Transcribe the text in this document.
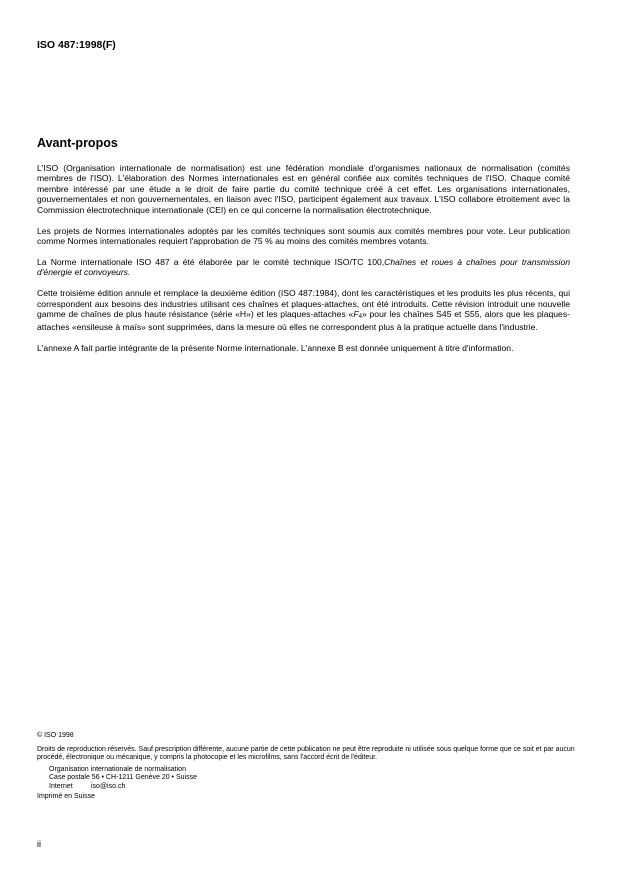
ISO 487:1998(F)
Avant-propos

L'ISO (Organisation internationale de normalisation) est une fédération mondiale d'organismes nationaux de normalisation (comités membres de l'ISO). L'élaboration des Normes internationales est en général confiée aux comités techniques de l'ISO. Chaque comité membre intéressé par une étude a le droit de faire partie du comité technique créé à cet effet. Les organisations internationales, gouvernementales et non gouvernementales, en liaison avec l'ISO, participent également aux travaux. L'ISO collabore étroitement avec la Commission électrotechnique internationale (CEI) en ce qui concerne la normalisation électrotechnique.

Les projets de Normes internationales adoptés par les comités techniques sont soumis aux comités membres pour vote. Leur publication comme Normes internationales requiert l'approbation de 75 % au moins des comités membres votants.

La Norme internationale ISO 487 a été élaborée par le comité technique ISO/TC 100,Chaînes et roues à chaînes pour transmission d'énergie et convoyeurs.

Cette troisième édition annule et remplace la deuxième édition (ISO 487:1984), dont les caractéristiques et les produits les plus récents, qui correspondent aux besoins des industries utilisant ces chaînes et plaques-attaches, ont été introduits. Cette révision introduit une nouvelle gamme de chaînes de plus haute résistance (série «H») et les plaques-attaches «$F_4$» pour les chaînes S45 et S55, alors que les plaques-attaches «ensileuse à maïs» sont supprimées, dans la mesure où elles ne correspondent plus à la pratique actuelle dans l'industrie.

L'annexe A fait partie intégrante de la présente Norme internationale. L'annexe B est donnée uniquement à titre d'information.

© ISO 1998
Droits de reproduction réservés. Sauf prescription différente, aucune partie de cette publication ne peut être reproduite ni utilisée sous quelque forme que ce soit et par aucun procédé, électronique ou mécanique, y compris la photocopie et les microfilms, sans l'accord écrit de l'éditeur.
Organisation internationale de normalisation
Case postale 56 • CH-1211 Genève 20 • Suisse
Internet	iso@iso.ch
Imprimé en Suisse
ii
